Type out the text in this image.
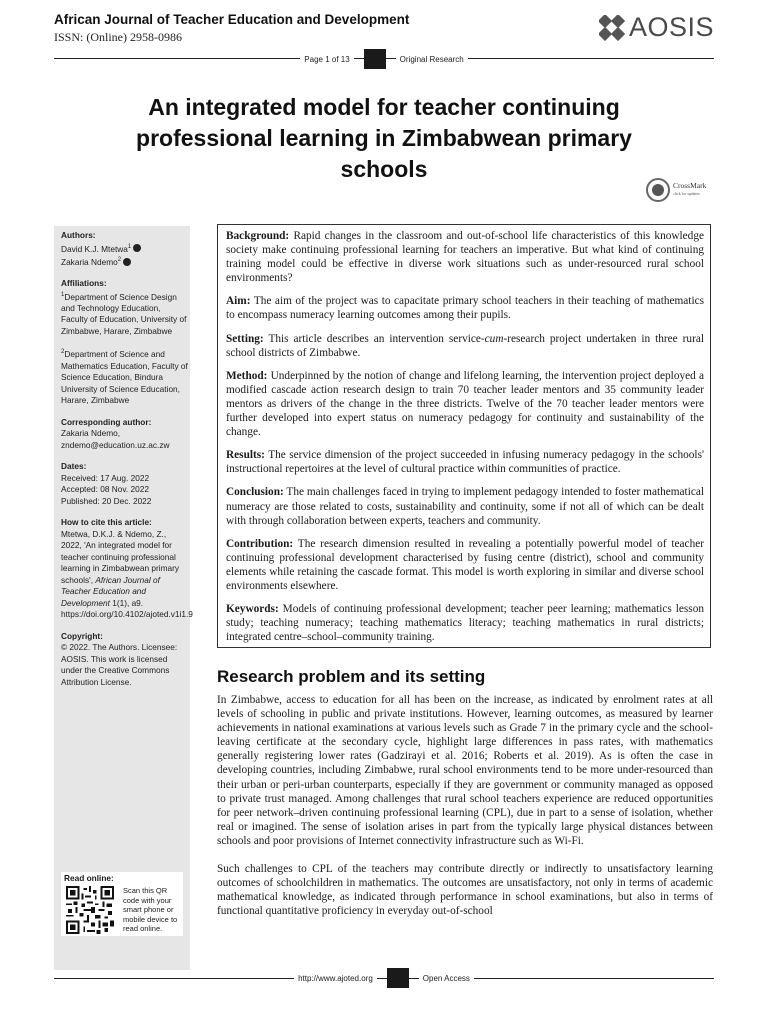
African Journal of Teacher Education and Development
ISSN: (Online) 2958-0986	AOSIS
Page 1 of 13	Original Research
An integrated model for teacher continuing professional learning in Zimbabwean primary schools
CrossMark
click for updates
Authors:
David K.J. Mtetwa$^1$
Zakaria Ndemo$^2$
Affiliations:
$^1$Department of Science Design and Technology Education, Faculty of Education, University of Zimbabwe, Harare, Zimbabwe
$^2$Department of Science and Mathematics Education, Faculty of Science Education, Bindura University of Science Education, Harare, Zimbabwe
Corresponding author:
Zakaria Ndemo,
zndemo@education.uz.ac.zw
Dates:
Received: 17 Aug. 2022
Accepted: 08 Nov. 2022
Published: 20 Dec. 2022
How to cite this article:
Mtetwa, D.K.J. & Ndemo, Z., 2022, 'An integrated model for teacher continuing professional learning in Zimbabwean primary schools', African Journal of Teacher Education and Development 1(1), a9. https://doi.org/10.4102/ajoted.v1i1.9
Copyright:
© 2022. The Authors. Licensee: AOSIS. This work is licensed under the Creative Commons Attribution License.
Read online:
Scan this QR code with your smart phone or mobile device to read online.

Background: Rapid changes in the classroom and out-of-school life characteristics of this knowledge society make continuing professional learning for teachers an imperative. But what kind of continuing training model could be effective in diverse work situations such as under-resourced rural school environments?

Aim: The aim of the project was to capacitate primary school teachers in their teaching of mathematics to encompass numeracy learning outcomes among their pupils.

Setting: This article describes an intervention service-cum-research project undertaken in three rural school districts of Zimbabwe.

Method: Underpinned by the notion of change and lifelong learning, the intervention project deployed a modified cascade action research design to train 70 teacher leader mentors and 35 community leader mentors as drivers of the change in the three districts. Twelve of the 70 teacher leader mentors were further developed into expert status on numeracy pedagogy for continuity and sustainability of the change.

Results: The service dimension of the project succeeded in infusing numeracy pedagogy in the schools' instructional repertoires at the level of cultural practice within communities of practice.

Conclusion: The main challenges faced in trying to implement pedagogy intended to foster mathematical numeracy are those related to costs, sustainability and continuity, some if not all of which can be dealt with through collaboration between experts, teachers and community.

Contribution: The research dimension resulted in revealing a potentially powerful model of teacher continuing professional development characterised by fusing centre (district), school and community elements while retaining the cascade format. This model is worth exploring in similar and diverse school environments elsewhere.

Keywords: Models of continuing professional development; teacher peer learning; mathematics lesson study; teaching numeracy; teaching mathematics literacy; teaching mathematics in rural districts; integrated centre–school–community training.

Research problem and its setting

In Zimbabwe, access to education for all has been on the increase, as indicated by enrolment rates at all levels of schooling in public and private institutions. However, learning outcomes, as measured by learner achievements in national examinations at various levels such as Grade 7 in the primary cycle and the school-leaving certificate at the secondary cycle, highlight large differences in pass rates, with mathematics generally registering lower rates (Gadzirayi et al. 2016; Roberts et al. 2019). As is often the case in developing countries, including Zimbabwe, rural school environments tend to be more under-resourced than their urban or peri-urban counterparts, especially if they are government or community managed as opposed to private trust managed. Among challenges that rural school teachers experience are reduced opportunities for peer network–driven continuing professional learning (CPL), due in part to a sense of isolation, whether real or imagined. The sense of isolation arises in part from the typically large physical distances between schools and poor provisions of Internet connectivity infrastructure such as Wi-Fi.

Such challenges to CPL of the teachers may contribute directly or indirectly to unsatisfactory learning outcomes of schoolchildren in mathematics. The outcomes are unsatisfactory, not only in terms of academic mathematical knowledge, as indicated through performance in school examinations, but also in terms of functional quantitative proficiency in everyday out-of-school

http://www.ajoted.org	Open Access
